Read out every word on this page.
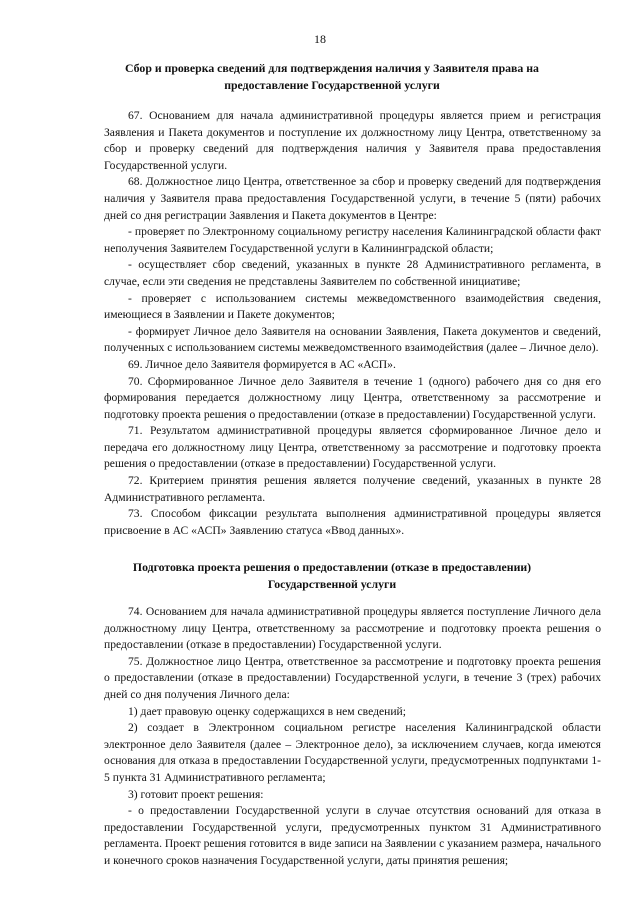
18
Сбор и проверка сведений для подтверждения наличия у Заявителя права на предоставление Государственной услуги

67. Основанием для начала административной процедуры является прием и регистрация Заявления и Пакета документов и поступление их должностному лицу Центра, ответственному за сбор и проверку сведений для подтверждения наличия у Заявителя права предоставления Государственной услуги.

68. Должностное лицо Центра, ответственное за сбор и проверку сведений для подтверждения наличия у Заявителя права предоставления Государственной услуги, в течение 5 (пяти) рабочих дней со дня регистрации Заявления и Пакета документов в Центре:

- проверяет по Электронному социальному регистру населения Калининградской области факт неполучения Заявителем Государственной услуги в Калининградской области;

- осуществляет сбор сведений, указанных в пункте 28 Административного регламента, в случае, если эти сведения не представлены Заявителем по собственной инициативе;

- проверяет с использованием системы межведомственного взаимодействия сведения, имеющиеся в Заявлении и Пакете документов;

- формирует Личное дело Заявителя на основании Заявления, Пакета документов и сведений, полученных с использованием системы межведомственного взаимодействия (далее – Личное дело).

69. Личное дело Заявителя формируется в АС «АСП».

70. Сформированное Личное дело Заявителя в течение 1 (одного) рабочего дня со дня его формирования передается должностному лицу Центра, ответственному за рассмотрение и подготовку проекта решения о предоставлении (отказе в предоставлении) Государственной услуги.

71. Результатом административной процедуры является сформированное Личное дело и передача его должностному лицу Центра, ответственному за рассмотрение и подготовку проекта решения о предоставлении (отказе в предоставлении) Государственной услуги.

72. Критерием принятия решения является получение сведений, указанных в пункте 28 Административного регламента.

73. Способом фиксации результата выполнения административной процедуры является присвоение в АС «АСП» Заявлению статуса «Ввод данных».

Подготовка проекта решения о предоставлении (отказе в предоставлении) Государственной услуги

74. Основанием для начала административной процедуры является поступление Личного дела должностному лицу Центра, ответственному за рассмотрение и подготовку проекта решения о предоставлении (отказе в предоставлении) Государственной услуги.

75. Должностное лицо Центра, ответственное за рассмотрение и подготовку проекта решения о предоставлении (отказе в предоставлении) Государственной услуги, в течение 3 (трех) рабочих дней со дня получения Личного дела:

1) дает правовую оценку содержащихся в нем сведений;

2) создает в Электронном социальном регистре населения Калининградской области электронное дело Заявителя (далее – Электронное дело), за исключением случаев, когда имеются основания для отказа в предоставлении Государственной услуги, предусмотренных подпунктами 1-5 пункта 31 Административного регламента;

3) готовит проект решения:

- о предоставлении Государственной услуги в случае отсутствия оснований для отказа в предоставлении Государственной услуги, предусмотренных пунктом 31 Административного регламента. Проект решения готовится в виде записи на Заявлении с указанием размера, начального и конечного сроков назначения Государственной услуги, даты принятия решения;
